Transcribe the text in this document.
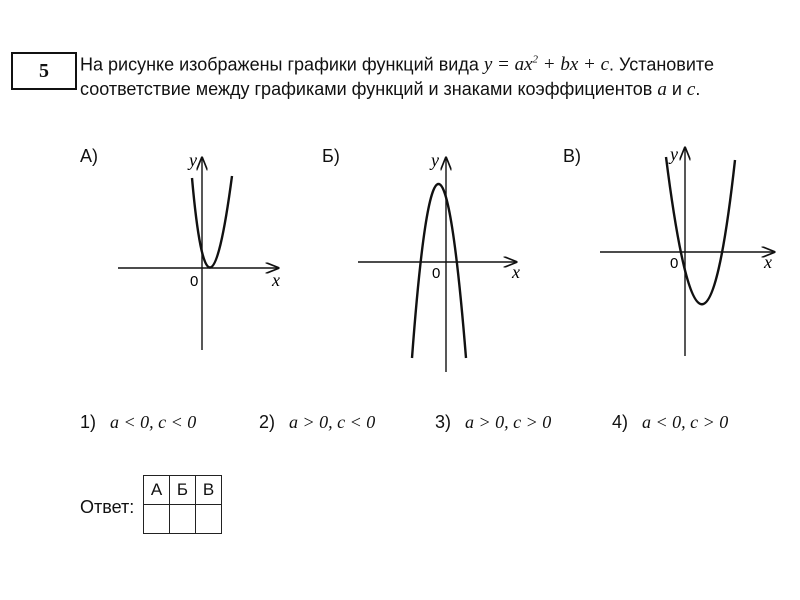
5 На рисунке изображены графики функций вида $y = ax^2$ + bx + c. Установите соответствие между графиками функций и знаками коэффициентов a и c.
А)	Б)	В)
y
x
0
y
x
0
y
x
0
1) a < 0, c < 0	2) a > 0, c < 0	3) a > 0, c > 0	4) a < 0, c > 0
Ответ:
А	Б	В
